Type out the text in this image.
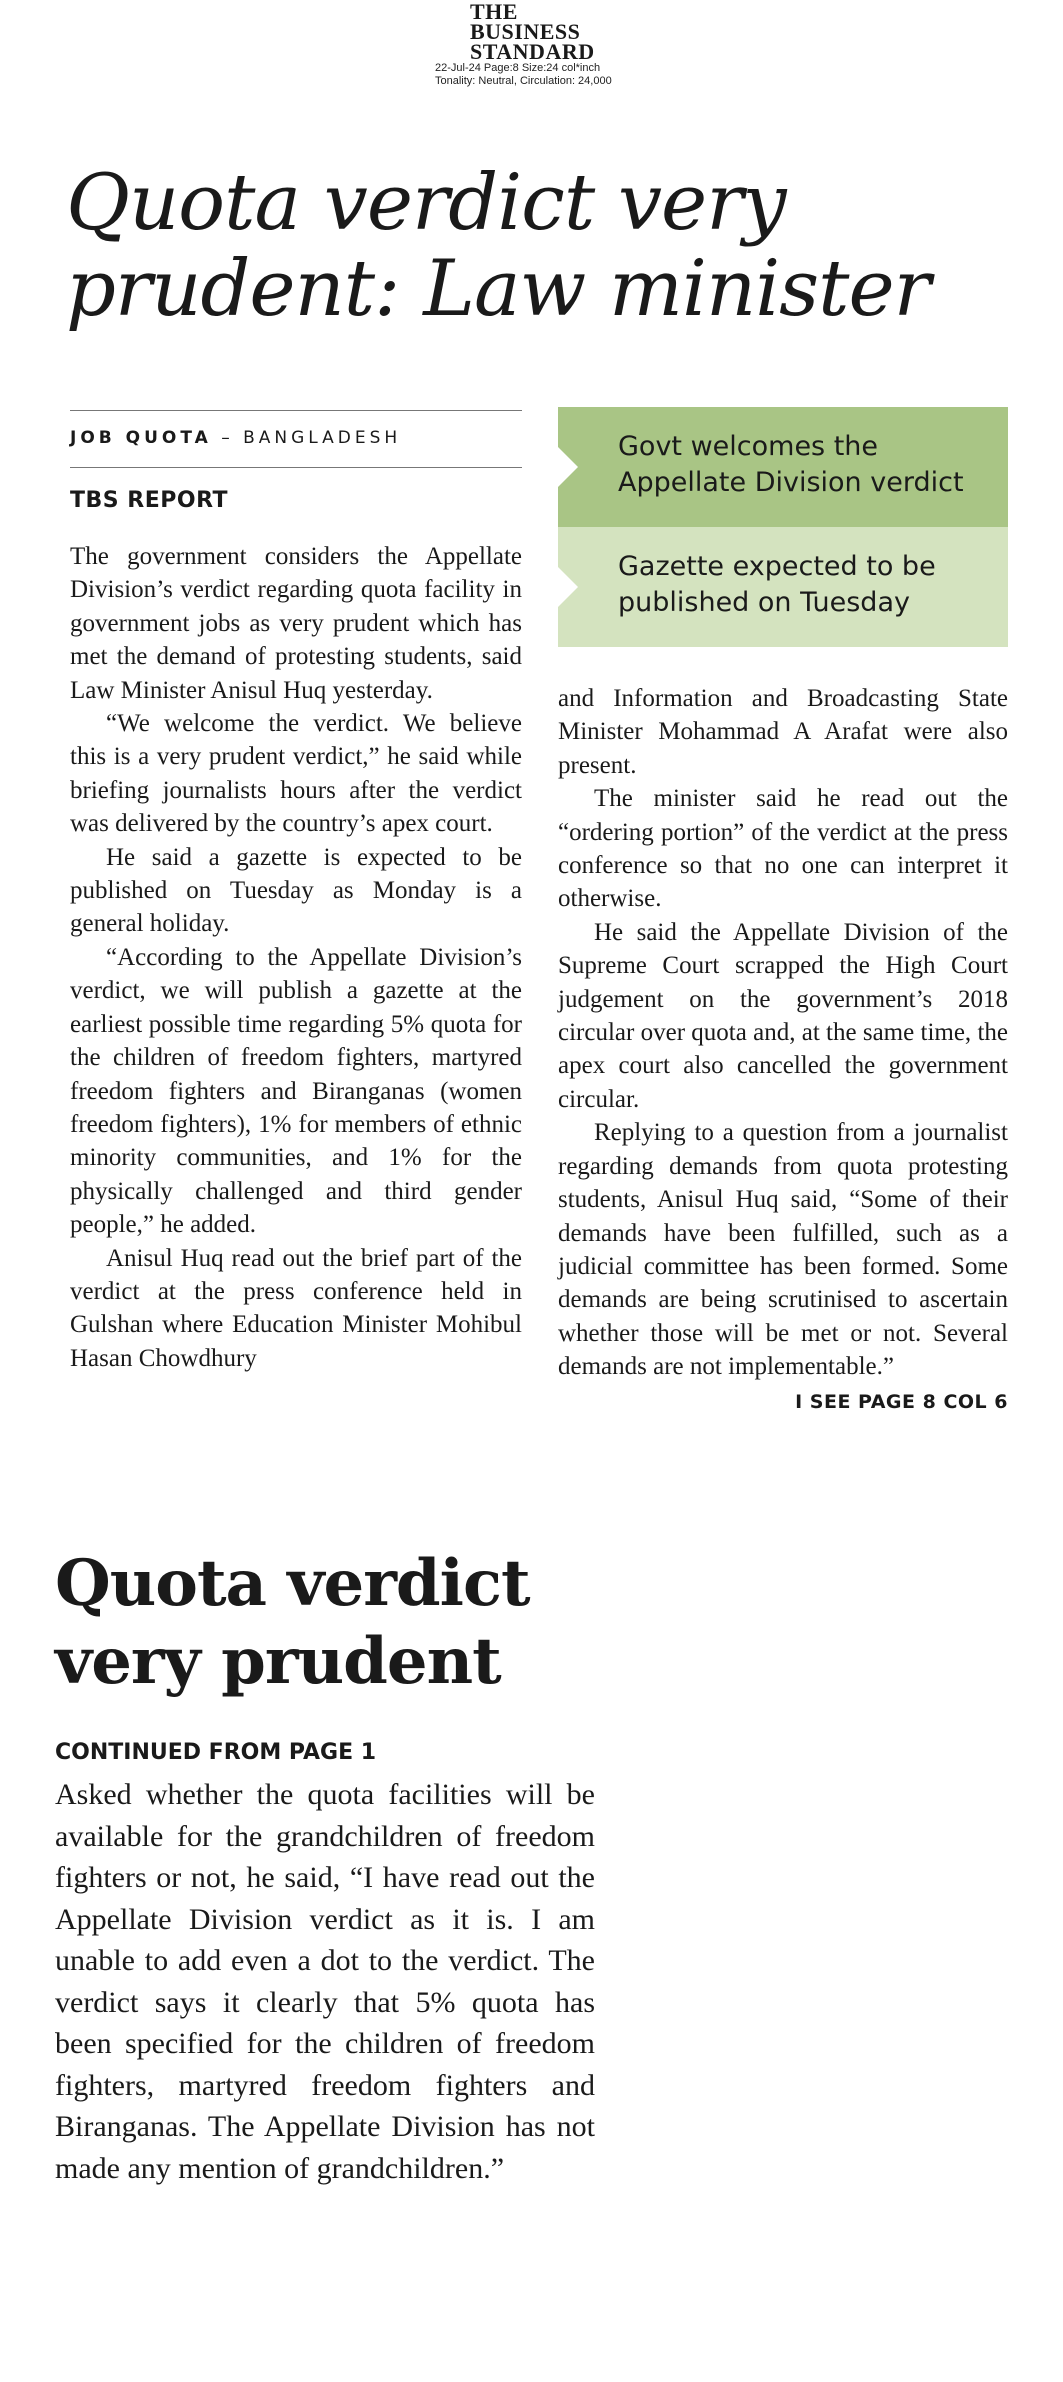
THE
BUSINESS
STANDARD
22-Jul-24 Page:8 Size:24 col*inch
Tonality: Neutral, Circulation: 24,000
Quota verdict very
prudent: Law minister
JOB QUOTA – BANGLADESH
TBS REPORT
Govt welcomes the Appellate Division verdict
Gazette expected to be published on Tuesday

The government considers the Appellate Division’s verdict regarding quota facility in government jobs as very prudent which has met the demand of protesting students, said Law Minister Anisul Huq yesterday.

“We welcome the verdict. We believe this is a very prudent verdict,” he said while briefing journalists hours after the verdict was delivered by the country’s apex court.

He said a gazette is expected to be published on Tuesday as Monday is a general holiday.

“According to the Appellate Division’s verdict, we will publish a gazette at the earliest possible time regarding 5% quota for the children of freedom fighters, martyred freedom fighters and Biranganas (women freedom fighters), 1% for members of ethnic minority communities, and 1% for the physically challenged and third gender people,” he added.

Anisul Huq read out the brief part of the verdict at the press conference held in Gulshan where Education Minister Mohibul Hasan Chowdhury

and Information and Broadcasting State Minister Mohammad A Arafat were also present.

The minister said he read out the “ordering portion” of the verdict at the press conference so that no one can interpret it otherwise.

He said the Appellate Division of the Supreme Court scrapped the High Court judgement on the government’s 2018 circular over quota and, at the same time, the apex court also cancelled the government circular.

Replying to a question from a journalist regarding demands from quota protesting students, Anisul Huq said, “Some of their demands have been fulfilled, such as a judicial committee has been formed. Some demands are being scrutinised to ascertain whether those will be met or not. Several demands are not implementable.”

I SEE PAGE 8 COL 6
Quota verdict
very prudent
CONTINUED FROM PAGE 1

Asked whether the quota facilities will be available for the grandchildren of freedom fighters or not, he said, “I have read out the Appellate Division verdict as it is. I am unable to add even a dot to the verdict. The verdict says it clearly that 5% quota has been specified for the children of freedom fighters, martyred freedom fighters and Biranganas. The Appellate Division has not made any mention of grandchildren.”
